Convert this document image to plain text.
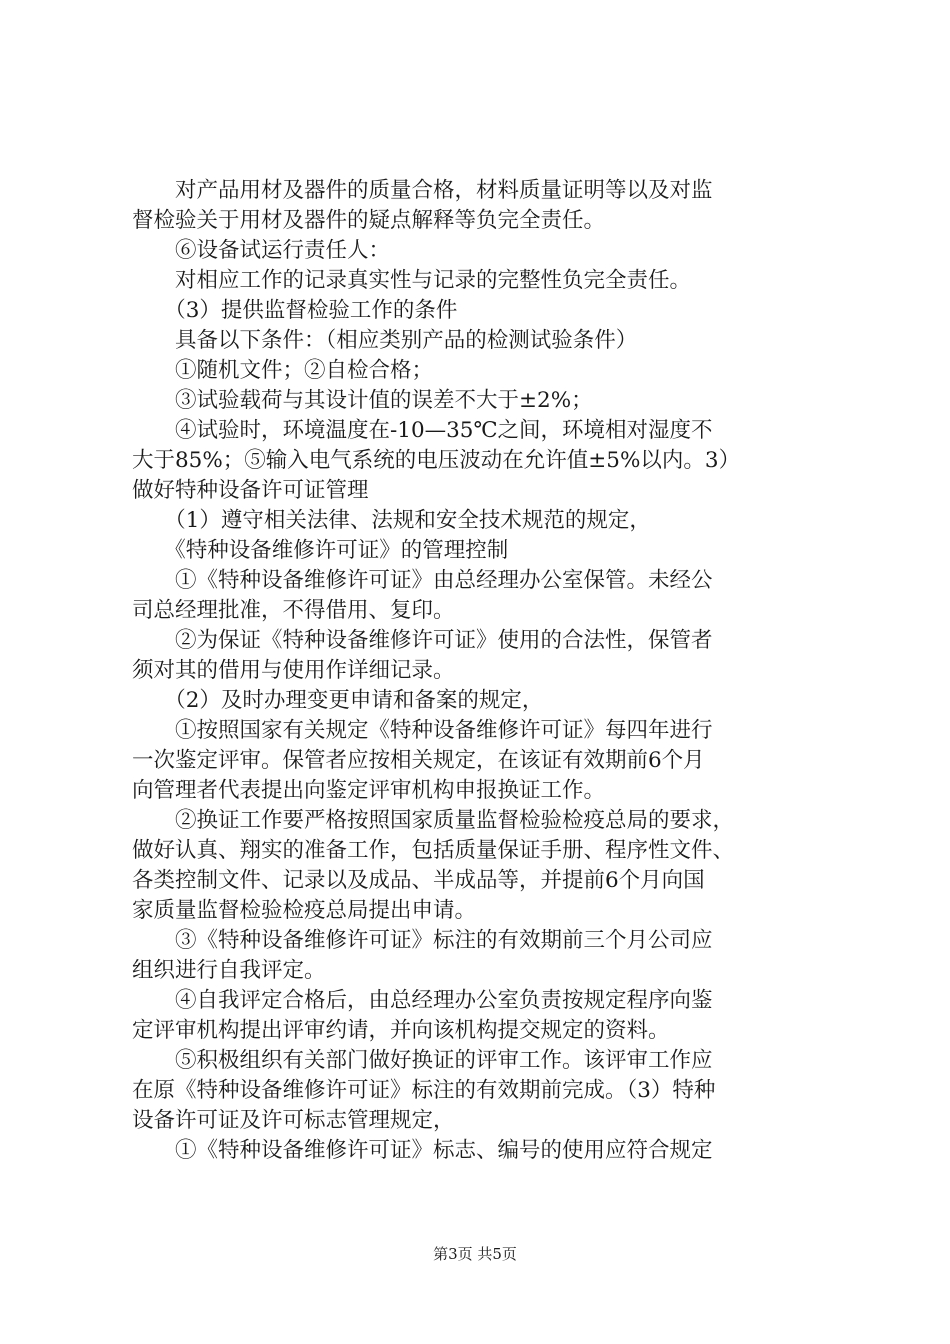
　　对产品用材及器件的质量合格，材料质量证明等以及对监
督检验关于用材及器件的疑点解释等负完全责任。
　　⑥设备试运行责任人：
　　对相应工作的记录真实性与记录的完整性负完全责任。
　　（3）提供监督检验工作的条件
　　具备以下条件：（相应类别产品的检测试验条件）
　　①随机文件；②自检合格；
　　③试验载荷与其设计值的误差不大于±2%；
　　④试验时，环境温度在-10—35℃之间，环境相对湿度不
大于85%；⑤输入电气系统的电压波动在允许值±5%以内。3）
做好特种设备许可证管理
　　（1）遵守相关法律、法规和安全技术规范的规定，
　　《特种设备维修许可证》的管理控制
　　①《特种设备维修许可证》由总经理办公室保管。未经公
司总经理批准，不得借用、复印。
　　②为保证《特种设备维修许可证》使用的合法性，保管者
须对其的借用与使用作详细记录。
　　（2）及时办理变更申请和备案的规定，
　　①按照国家有关规定《特种设备维修许可证》每四年进行
一次鉴定评审。保管者应按相关规定，在该证有效期前6个月
向管理者代表提出向鉴定评审机构申报换证工作。
　　②换证工作要严格按照国家质量监督检验检疫总局的要求，
做好认真、翔实的准备工作，包括质量保证手册、程序性文件、
各类控制文件、记录以及成品、半成品等，并提前6个月向国
家质量监督检验检疫总局提出申请。
　　③《特种设备维修许可证》标注的有效期前三个月公司应
组织进行自我评定。
　　④自我评定合格后，由总经理办公室负责按规定程序向鉴
定评审机构提出评审约请，并向该机构提交规定的资料。
　　⑤积极组织有关部门做好换证的评审工作。该评审工作应
在原《特种设备维修许可证》标注的有效期前完成。（3）特种
设备许可证及许可标志管理规定，
　　①《特种设备维修许可证》标志、编号的使用应符合规定
第3页 共5页
